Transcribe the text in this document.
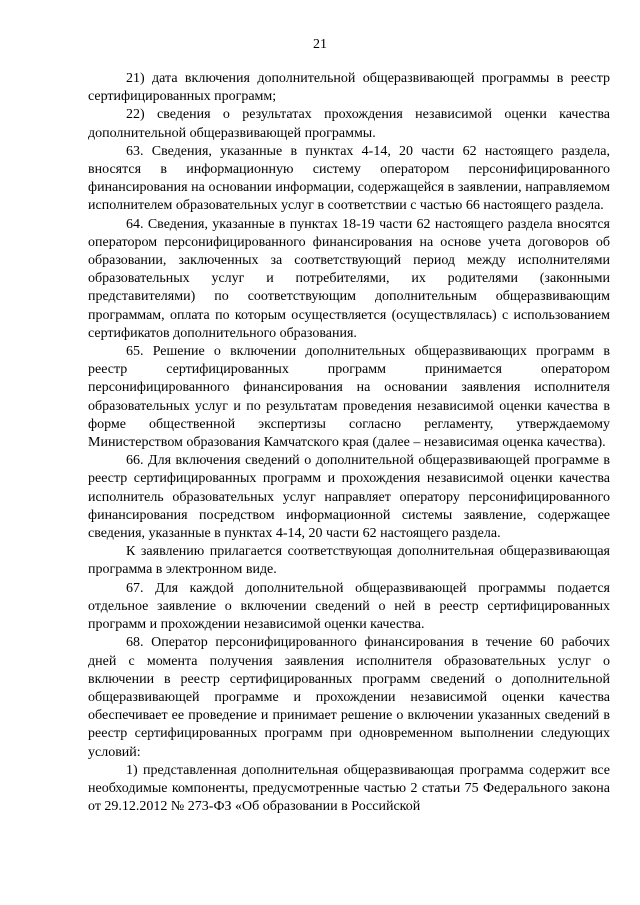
21

21) дата включения дополнительной общеразвивающей программы в реестр сертифицированных программ;

22) сведения о результатах прохождения независимой оценки качества дополнительной общеразвивающей программы.

63. Сведения, указанные в пунктах 4-14, 20 части 62 настоящего раздела, вносятся в информационную систему оператором персонифицированного финансирования на основании информации, содержащейся в заявлении, направляемом исполнителем образовательных услуг в соответствии с частью 66 настоящего раздела.

64. Сведения, указанные в пунктах 18-19 части 62 настоящего раздела вносятся оператором персонифицированного финансирования на основе учета договоров об образовании, заключенных за соответствующий период между исполнителями образовательных услуг и потребителями, их родителями (законными представителями) по соответствующим дополнительным общеразвивающим программам, оплата по которым осуществляется (осуществлялась) с использованием сертификатов дополнительного образования.

65. Решение о включении дополнительных общеразвивающих программ в реестр сертифицированных программ принимается оператором персонифицированного финансирования на основании заявления исполнителя образовательных услуг и по результатам проведения независимой оценки качества в форме общественной экспертизы согласно регламенту, утверждаемому Министерством образования Камчатского края (далее – независимая оценка качества).

66. Для включения сведений о дополнительной общеразвивающей программе в реестр сертифицированных программ и прохождения независимой оценки качества исполнитель образовательных услуг направляет оператору персонифицированного финансирования посредством информационной системы заявление, содержащее сведения, указанные в пунктах 4-14, 20 части 62 настоящего раздела.

К заявлению прилагается соответствующая дополнительная общеразвивающая программа в электронном виде.

67. Для каждой дополнительной общеразвивающей программы подается отдельное заявление о включении сведений о ней в реестр сертифицированных программ и прохождении независимой оценки качества.

68. Оператор персонифицированного финансирования в течение 60 рабочих дней с момента получения заявления исполнителя образовательных услуг о включении в реестр сертифицированных программ сведений о дополнительной общеразвивающей программе и прохождении независимой оценки качества обеспечивает ее проведение и принимает решение о включении указанных сведений в реестр сертифицированных программ при одновременном выполнении следующих условий:

1) представленная дополнительная общеразвивающая программа содержит все необходимые компоненты, предусмотренные частью 2 статьи 75 Федерального закона от 29.12.2012 № 273-ФЗ «Об образовании в Российской
